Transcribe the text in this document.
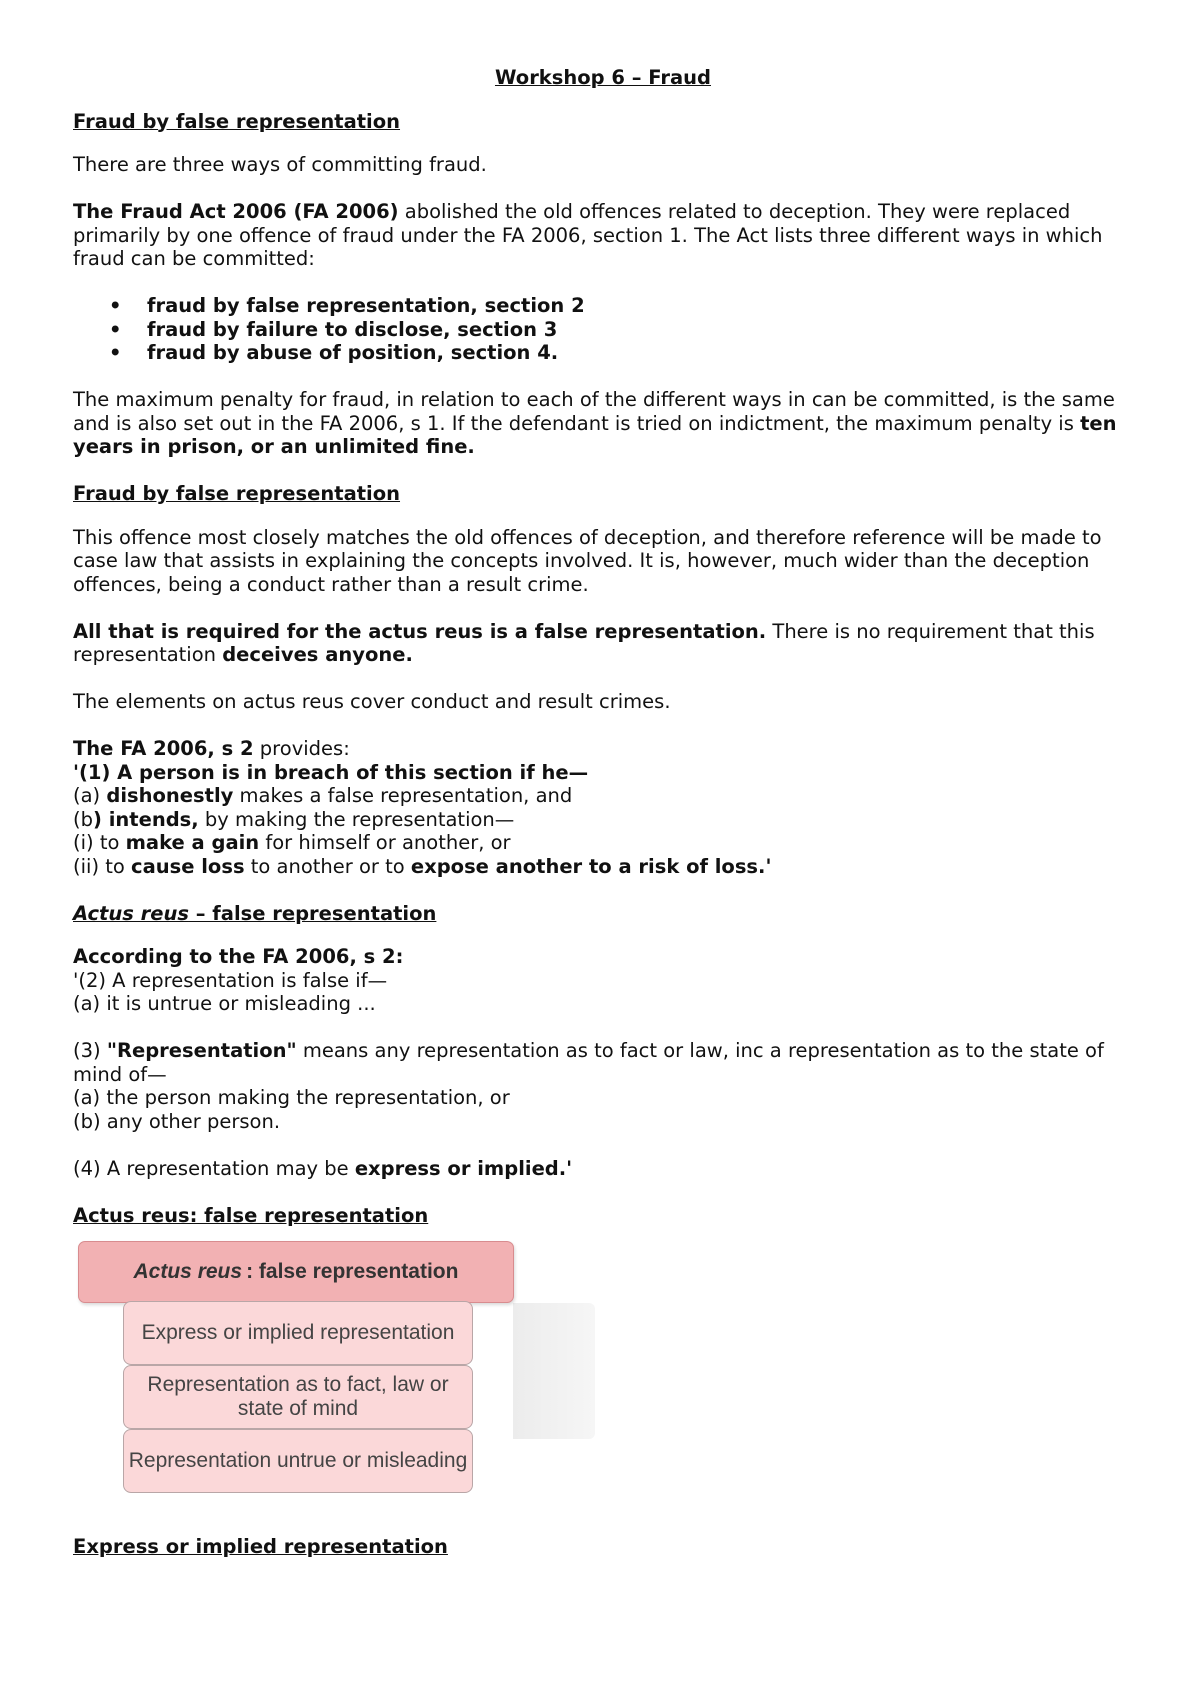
Workshop 6 – Fraud
Fraud by false representation

There are three ways of committing fraud.

The Fraud Act 2006 (FA 2006) abolished the old offences related to deception. They were replaced primarily by one offence of fraud under the FA 2006, section 1. The Act lists three different ways in which fraud can be committed:

• fraud by false representation, section 2
• fraud by failure to disclose, section 3
• fraud by abuse of position, section 4.

The maximum penalty for fraud, in relation to each of the different ways in can be committed, is the same and is also set out in the FA 2006, s 1. If the defendant is tried on indictment, the maximum penalty is ten years in prison, or an unlimited fine.

Fraud by false representation

This offence most closely matches the old offences of deception, and therefore reference will be made to case law that assists in explaining the concepts involved. It is, however, much wider than the deception offences, being a conduct rather than a result crime.

All that is required for the actus reus is a false representation. There is no requirement that this representation deceives anyone.

The elements on actus reus cover conduct and result crimes.

The FA 2006, s 2 provides:
'(1) A person is in breach of this section if he—
(a) dishonestly makes a false representation, and
(b) intends, by making the representation—
(i) to make a gain for himself or another, or
(ii) to cause loss to another or to expose another to a risk of loss.'
Actus reus – false representation
According to the FA 2006, s 2:
'(2) A representation is false if—
(a) it is untrue or misleading ...
(3) "Representation" means any representation as to fact or law, inc a representation as to the state of mind of—
(a) the person making the representation, or
(b) any other person.

(4) A representation may be express or implied.'

Actus reus: false representation
Actus reus : false representation
Express or implied representation
Representation as to fact, law or state of mind
Representation untrue or misleading
Express or implied representation
